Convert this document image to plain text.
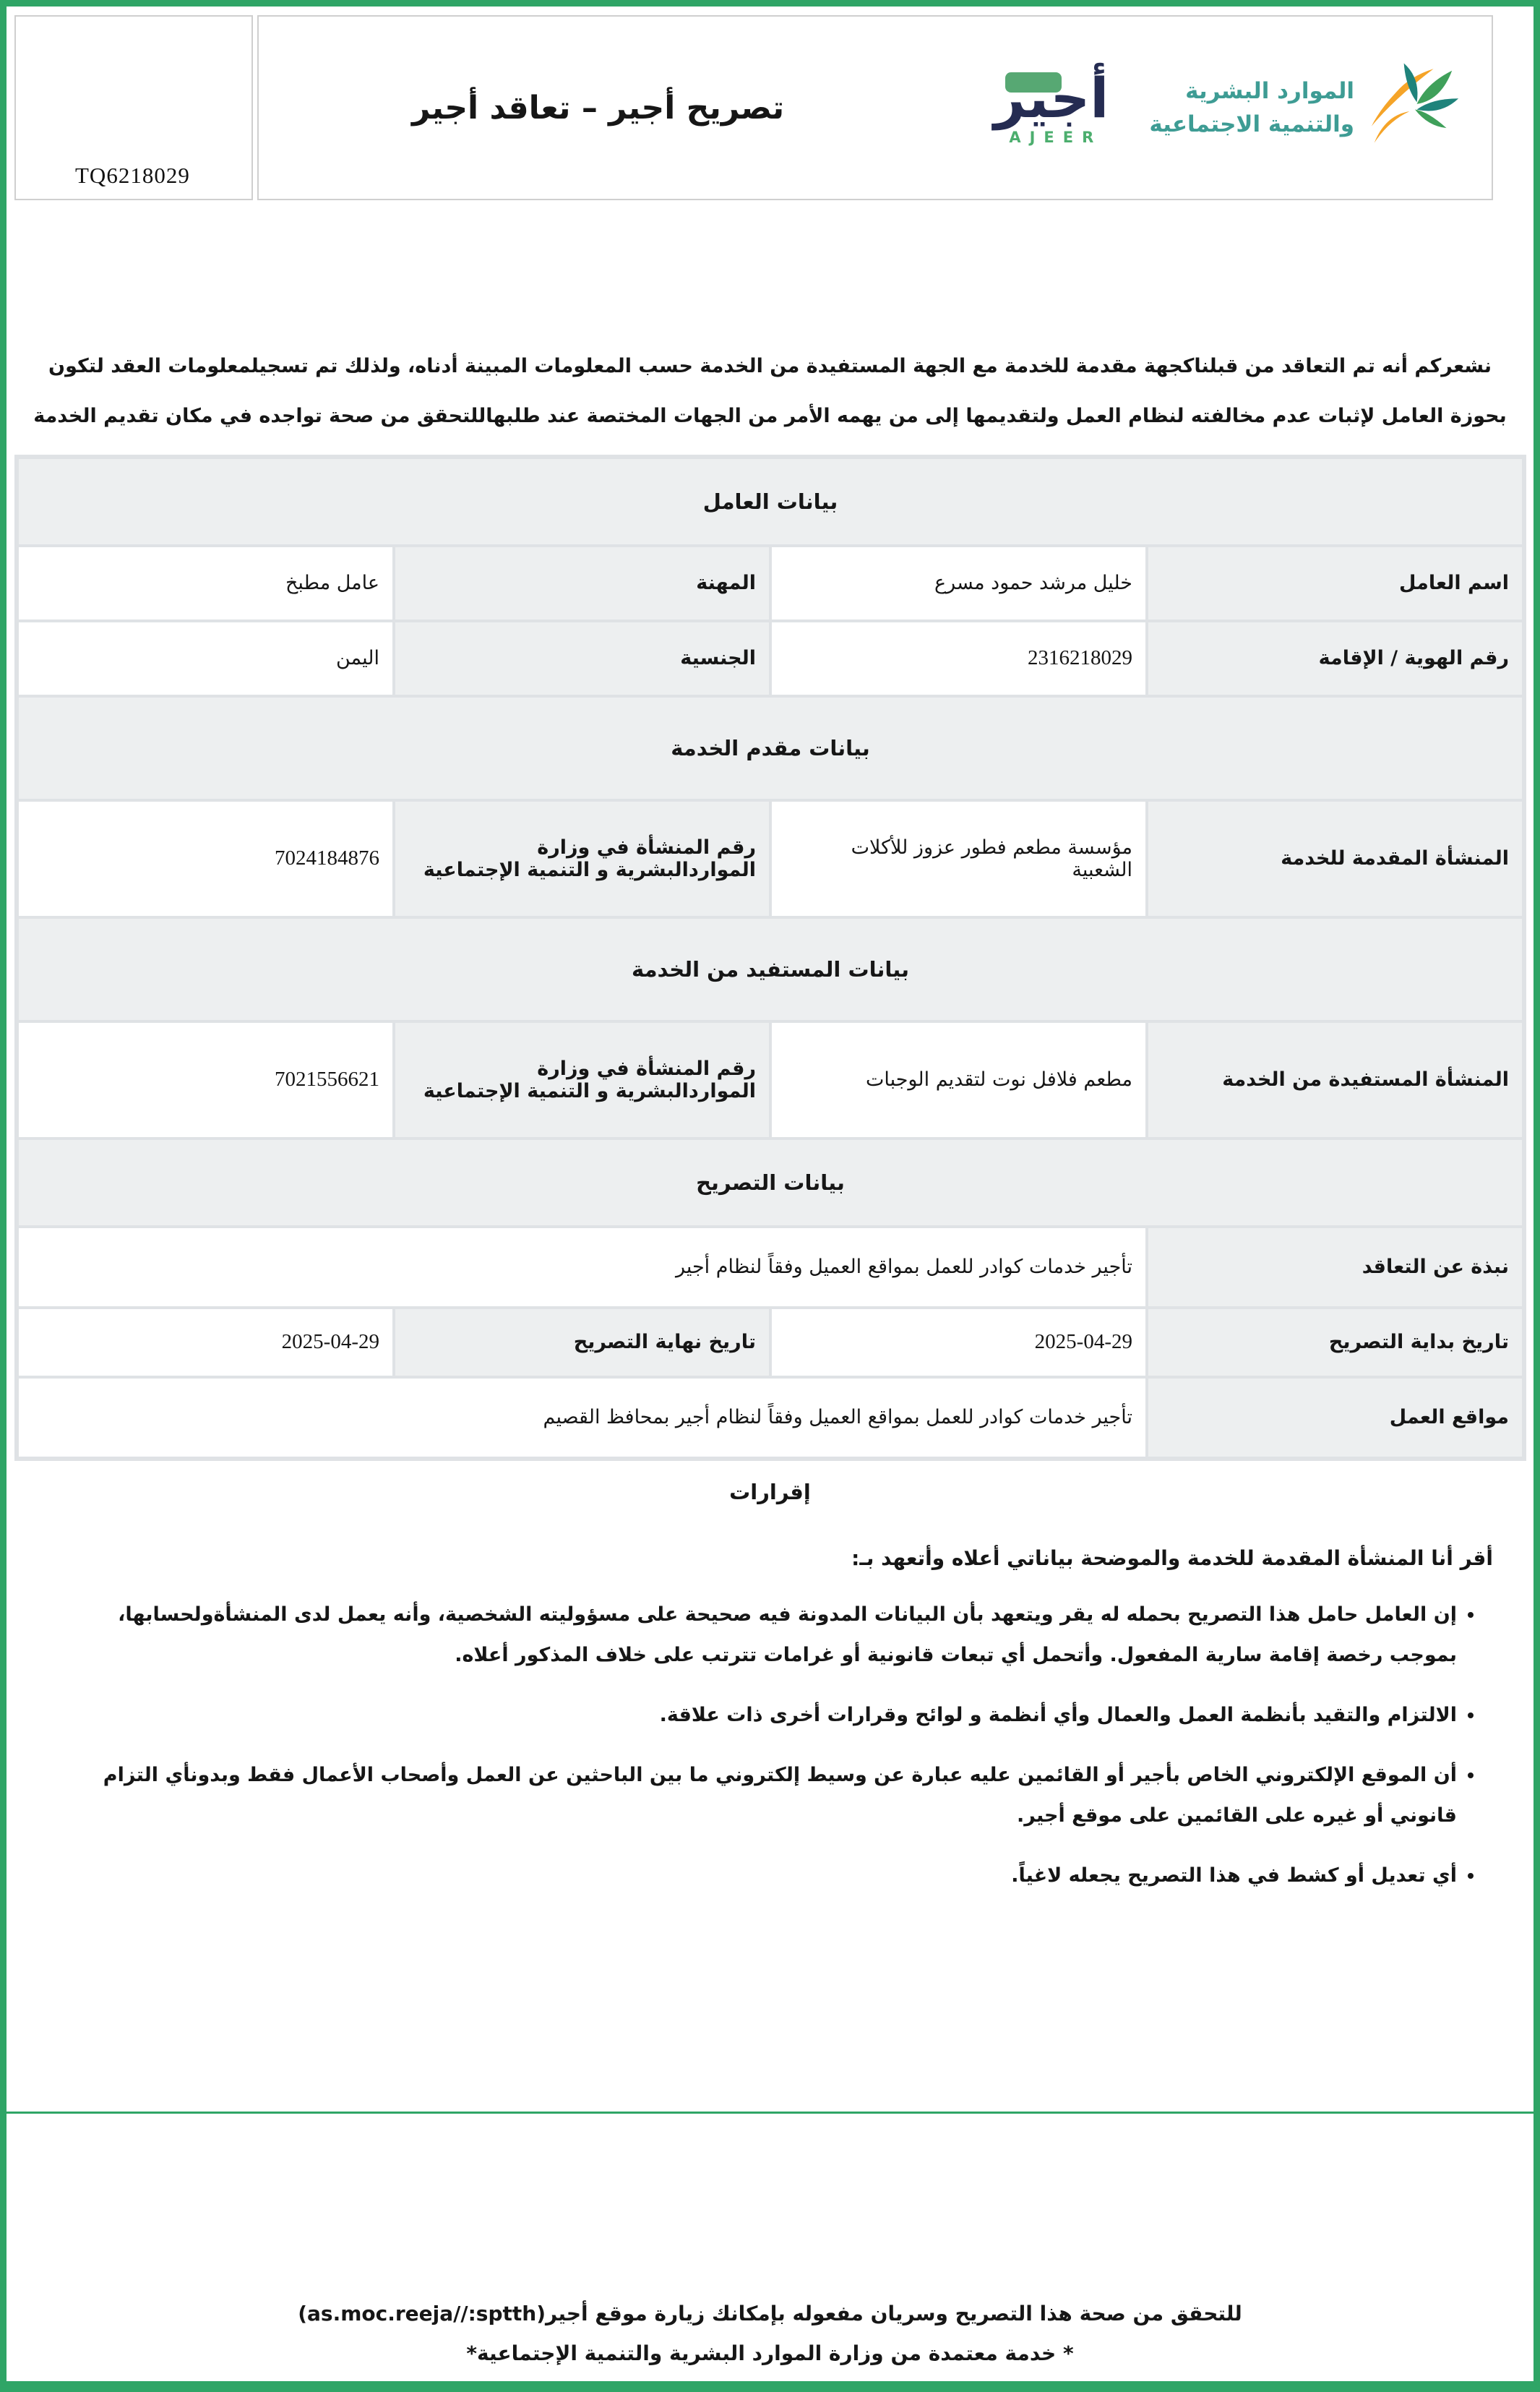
TQ6218029
تصريح أجير – تعاقد أجير	أجير
AJEER
الموارد البشرية
والتنمية الاجتماعية

نشعركم أنه تم التعاقد من قبلناكجهة مقدمة للخدمة مع الجهة المستفيدة من الخدمة حسب المعلومات المبينة أدناه، ولذلك تم تسجيلمعلومات العقد لتكون بحوزة العامل لإثبات عدم مخالفته لنظام العمل ولتقديمها إلى من يهمه الأمر من الجهات المختصة عند طلبهاللتحقق من صحة تواجده في مكان تقديم الخدمة

بيانات العامل			
اسم العامل	خليل مرشد حمود مسرع	المهنة	عامل مطبخ
رقم الهوية / الإقامة	2316218029	الجنسية	اليمن
بيانات مقدم الخدمة			
المنشأة المقدمة للخدمة	مؤسسة مطعم فطور عزوز للأكلات الشعبية	رقم المنشأة في وزارة المواردالبشرية و التنمية الإجتماعية	7024184876
بيانات المستفيد من الخدمة			
المنشأة المستفيدة من الخدمة	مطعم فلافل نوت لتقديم الوجبات	رقم المنشأة في وزارة المواردالبشرية و التنمية الإجتماعية	7021556621
بيانات التصريح			
نبذة عن التعاقد	تأجير خدمات كوادر للعمل بمواقع العميل وفقاً لنظام أجير		
تاريخ بداية التصريح	2025-04-29	تاريخ نهاية التصريح	2025-04-29
مواقع العمل	تأجير خدمات كوادر للعمل بمواقع العميل وفقاً لنظام أجير بمحافظ القصيم		
إقرارات

أقر أنا المنشأة المقدمة للخدمة والموضحة بياناتي أعلاه وأتعهد بـ:

• إن العامل حامل هذا التصريح بحمله له يقر ويتعهد بأن البيانات المدونة فيه صحيحة على مسؤوليته الشخصية، وأنه يعمل لدى المنشأةولحسابها، بموجب رخصة إقامة سارية المفعول. وأتحمل أي تبعات قانونية أو غرامات تترتب على خلاف المذكور أعلاه.
• الالتزام والتقيد بأنظمة العمل والعمال وأي أنظمة و لوائح وقرارات أخرى ذات علاقة.
• أن الموقع الإلكتروني الخاص بأجير أو القائمين عليه عبارة عن وسيط إلكتروني ما بين الباحثين عن العمل وأصحاب الأعمال فقط وبدونأي التزام قانوني أو غيره على القائمين على موقع أجير.
• أي تعديل أو كشط في هذا التصريح يجعله لاغياً.
للتحقق من صحة هذا التصريح وسريان مفعوله بإمكانك زيارة موقع أجير(as.moc.reeja//:sptth)
* خدمة معتمدة من وزارة الموارد البشرية والتنمية الإجتماعية*
